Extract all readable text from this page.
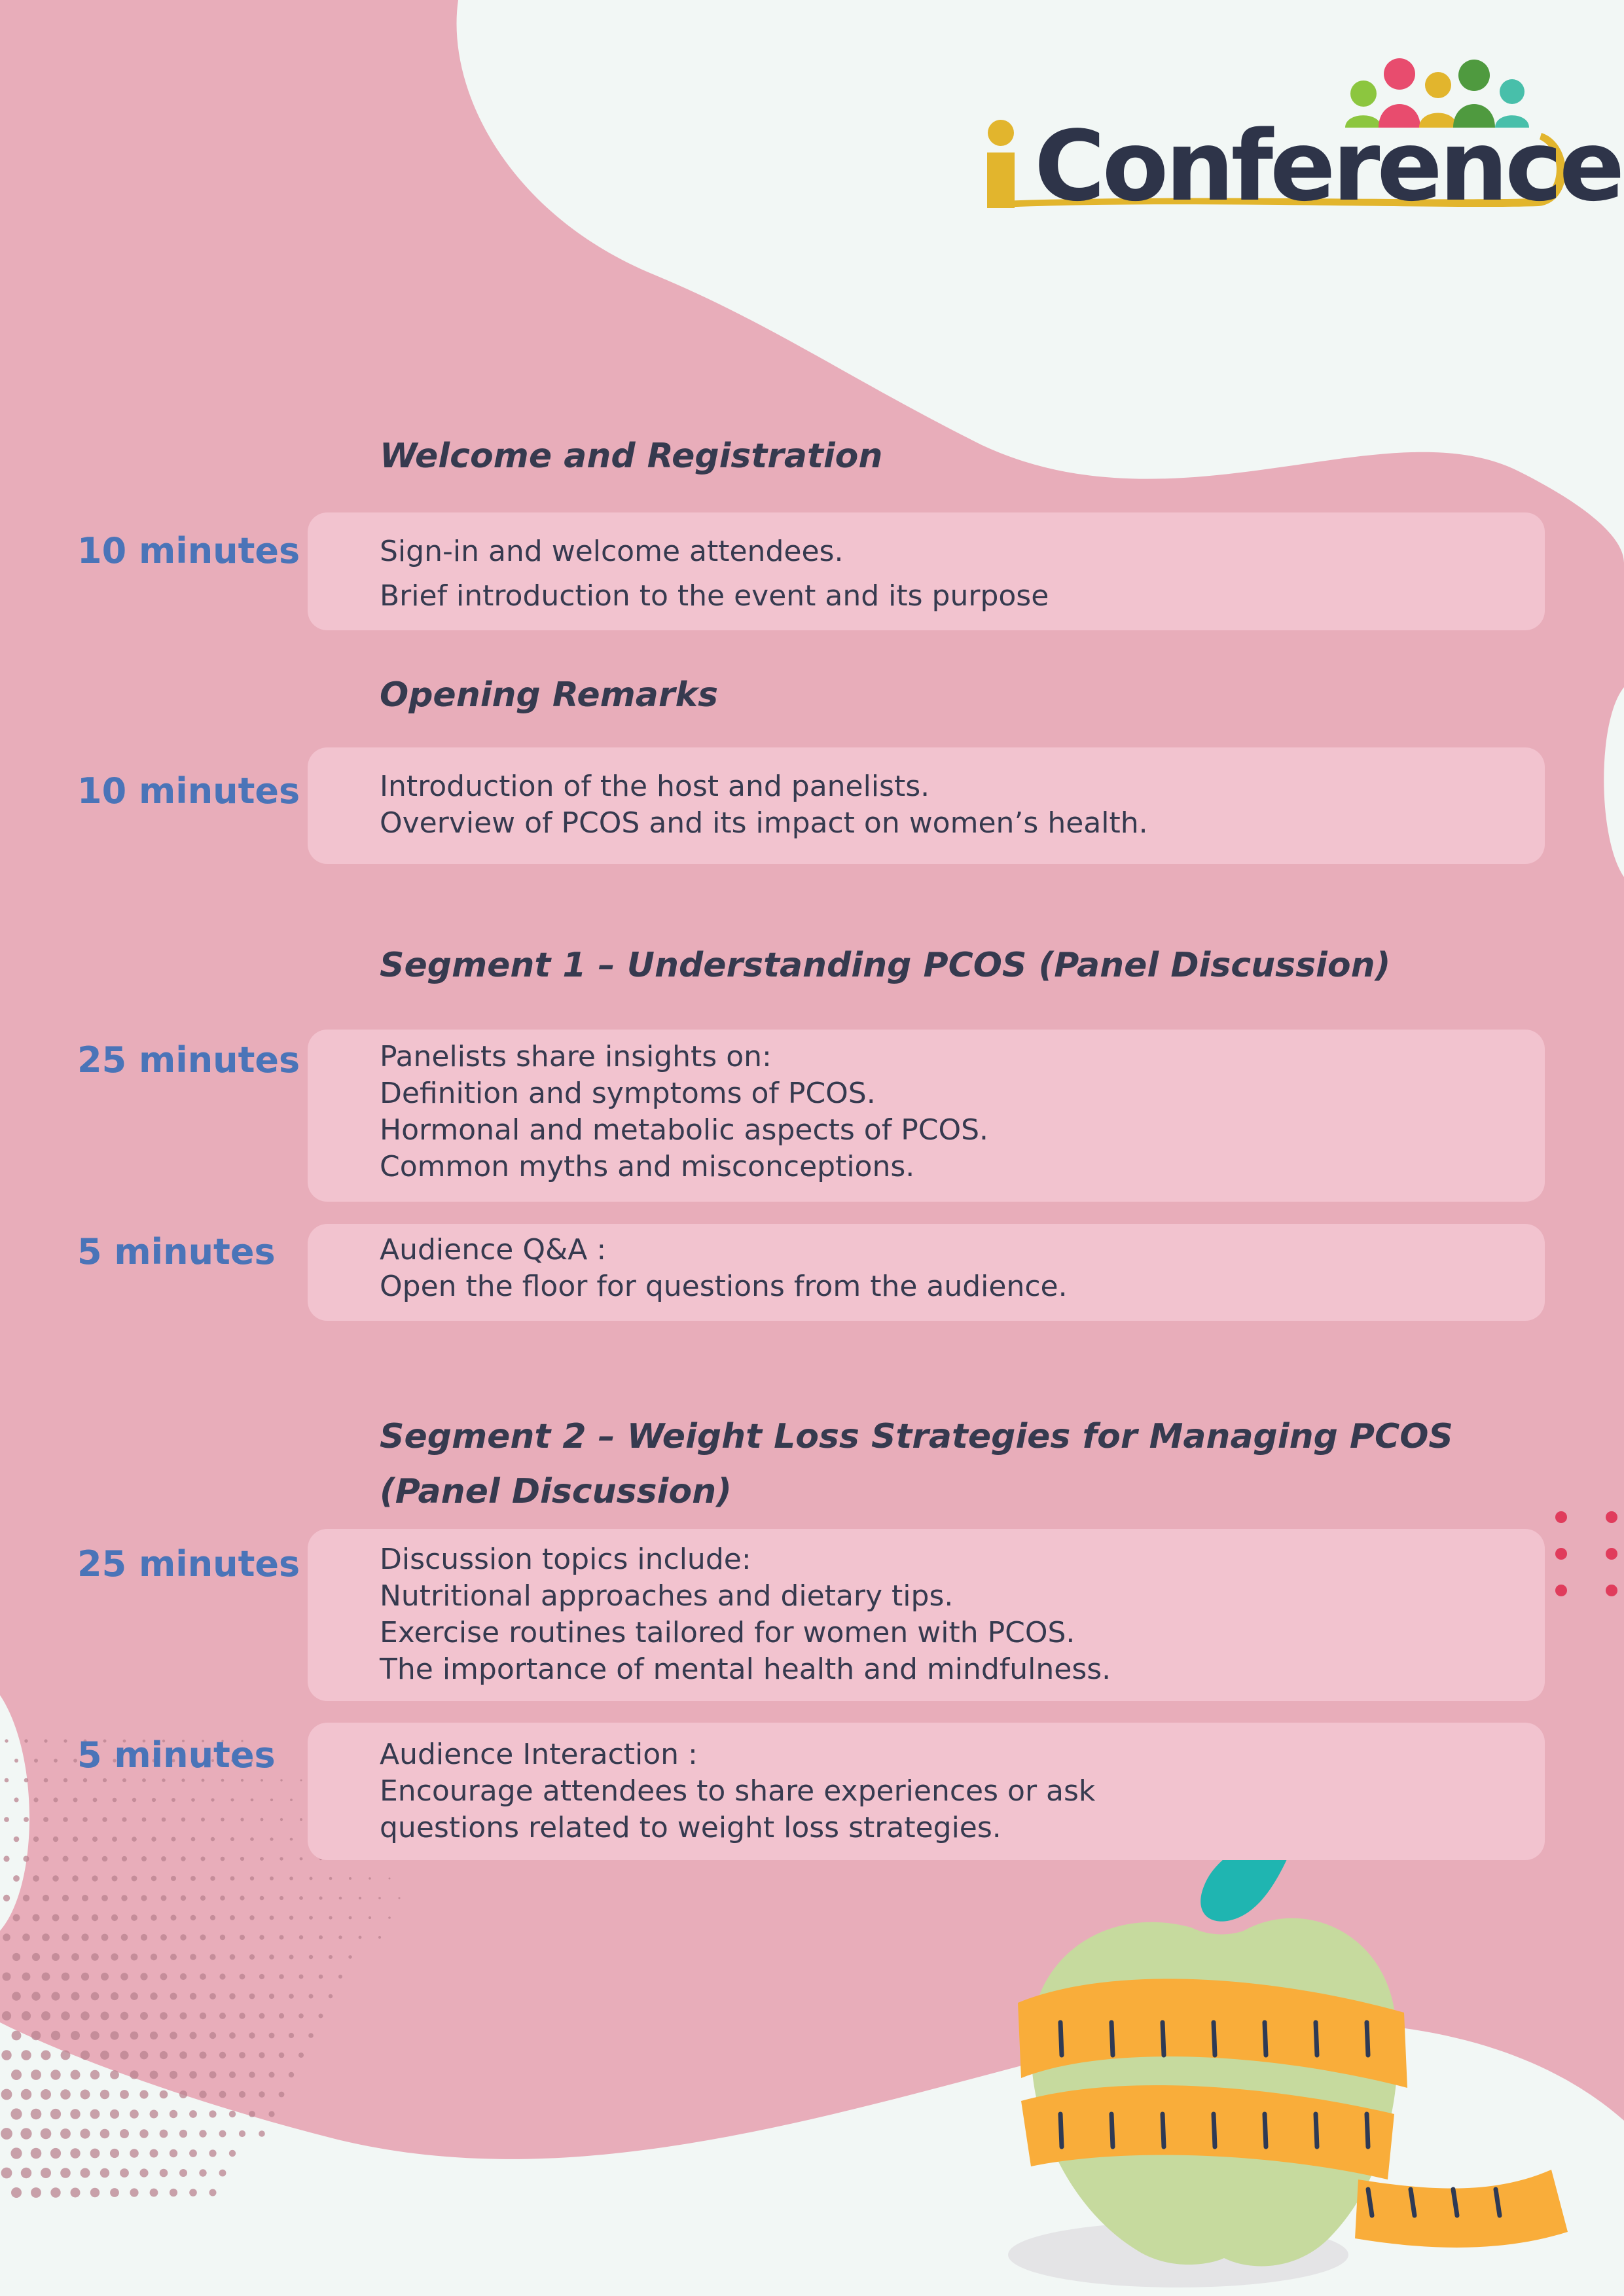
Conference
Welcome and Registration
10 minutes	Sign-in and welcome attendees.
Brief introduction to the event and its purpose
Opening Remarks
10 minutes	Introduction of the host and panelists.
Overview of PCOS and its impact on women’s health.
Segment 1 – Understanding PCOS (Panel Discussion)
25 minutes	Panelists share insights on:
Definition and symptoms of PCOS.
Hormonal and metabolic aspects of PCOS.
Common myths and misconceptions.
5 minutes	Audience Q&A :
Open the floor for questions from the audience.
Segment 2 – Weight Loss Strategies for Managing PCOS
(Panel Discussion)
25 minutes	Discussion topics include:
Nutritional approaches and dietary tips.
Exercise routines tailored for women with PCOS.
The importance of mental health and mindfulness.
5 minutes	Audience Interaction :
Encourage attendees to share experiences or ask
questions related to weight loss strategies.
